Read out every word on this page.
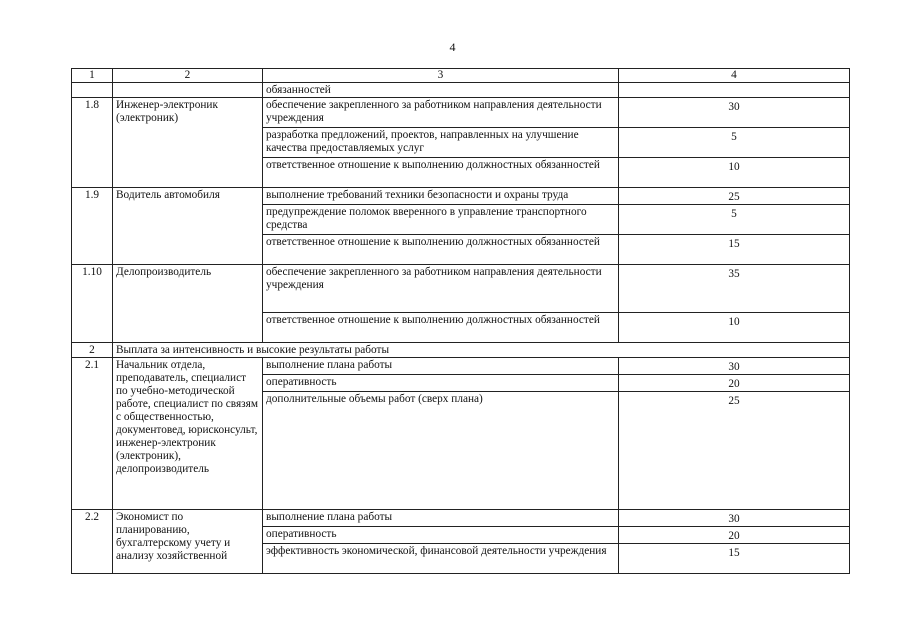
4
1	2	3	4
		обязанностей	
1.8	Инженер-электроник (электроник)	обеспечение закрепленного за работником направления деятельности учреждения	30
		разработка предложений, проектов, направленных на улучшение качества предоставляемых услуг	5
		ответственное отношение к выполнению должностных обязанностей	10
1.9	Водитель автомобиля	выполнение требований техники безопасности и охраны труда	25
		предупреждение поломок вверенного в управление транспортного средства	5
		ответственное отношение к выполнению должностных обязанностей	15
1.10	Делопроизводитель	обеспечение закрепленного за работником направления деятельности учреждения	35
		ответственное отношение к выполнению должностных обязанностей	10
2	Выплата за интенсивность и высокие результаты работы		
2.1	Начальник отдела, преподаватель, специалист по учебно-методической работе, специалист по связям с общественностью, документовед, юрисконсульт, инженер-электроник (электроник), делопроизводитель	выполнение плана работы	30
		оперативность	20
		дополнительные объемы работ (сверх плана)	25
2.2	Экономист по планированию, бухгалтерскому учету и анализу хозяйственной	выполнение плана работы	30
		оперативность	20
		эффективность экономической, финансовой деятельности учреждения	15
